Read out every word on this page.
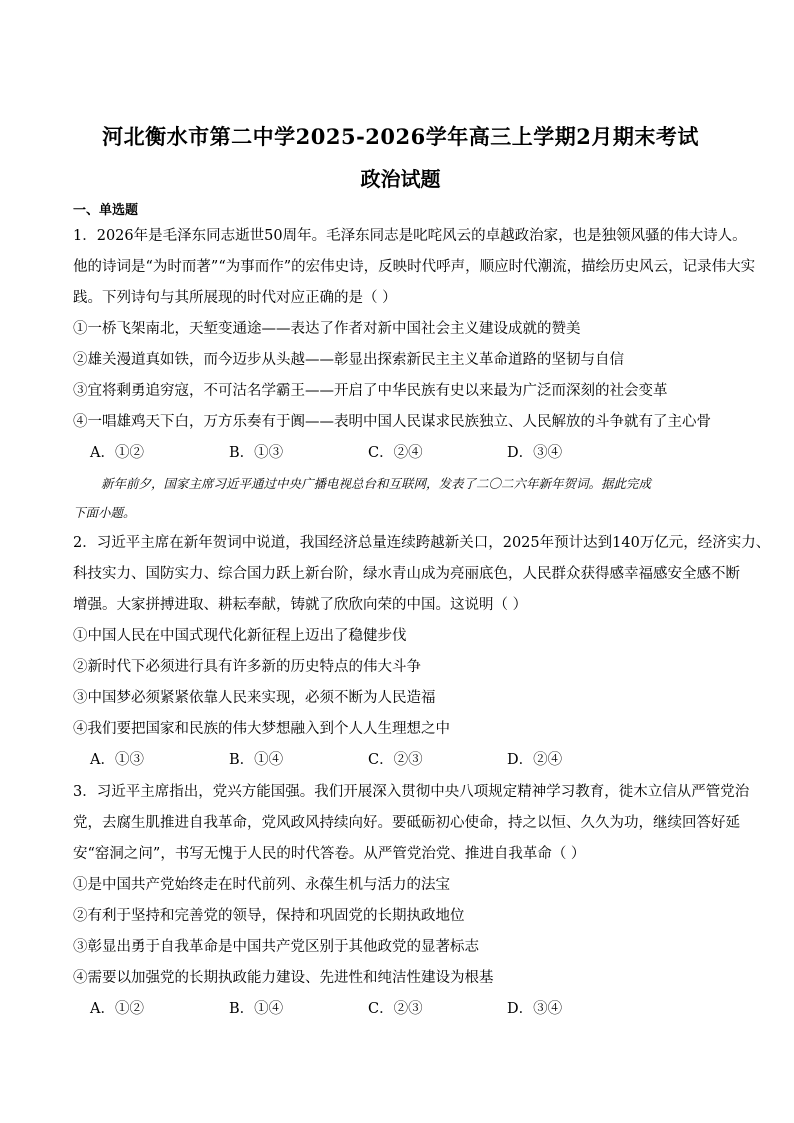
河北衡水市第二中学2025-2026学年高三上学期2月期末考试
政治试题
一、单选题

1．2026年是毛泽东同志逝世50周年。毛泽东同志是叱咤风云的卓越政治家，也是独领风骚的伟大诗人。

他的诗词是“为时而著”“为事而作”的宏伟史诗，反映时代呼声，顺应时代潮流，描绘历史风云，记录伟大实

践。下列诗句与其所展现的时代对应正确的是（ ）

①一桥飞架南北，天堑变通途——表达了作者对新中国社会主义建设成就的赞美

②雄关漫道真如铁，而今迈步从头越——彰显出探索新民主主义革命道路的坚韧与自信

③宜将剩勇追穷寇，不可沽名学霸王——开启了中华民族有史以来最为广泛而深刻的社会变革

④一唱雄鸡天下白，万方乐奏有于阗——表明中国人民谋求民族独立、人民解放的斗争就有了主心骨

A．①②	B．①③	C．②④	D．③④

新年前夕，国家主席习近平通过中央广播电视总台和互联网，发表了二〇二六年新年贺词。据此完成

下面小题。

2．习近平主席在新年贺词中说道，我国经济总量连续跨越新关口，2025年预计达到140万亿元，经济实力、

科技实力、国防实力、综合国力跃上新台阶，绿水青山成为亮丽底色，人民群众获得感幸福感安全感不断

增强。大家拼搏进取、耕耘奉献，铸就了欣欣向荣的中国。这说明（ ）

①中国人民在中国式现代化新征程上迈出了稳健步伐

②新时代下必须进行具有许多新的历史特点的伟大斗争

③中国梦必须紧紧依靠人民来实现，必须不断为人民造福

④我们要把国家和民族的伟大梦想融入到个人人生理想之中

A．①③	B．①④	C．②③	D．②④

3．习近平主席指出，党兴方能国强。我们开展深入贯彻中央八项规定精神学习教育，徙木立信从严管党治

党，去腐生肌推进自我革命，党风政风持续向好。要砥砺初心使命，持之以恒、久久为功，继续回答好延

安“窑洞之问”，书写无愧于人民的时代答卷。从严管党治党、推进自我革命（ ）

①是中国共产党始终走在时代前列、永葆生机与活力的法宝

②有利于坚持和完善党的领导，保持和巩固党的长期执政地位

③彰显出勇于自我革命是中国共产党区别于其他政党的显著标志

④需要以加强党的长期执政能力建设、先进性和纯洁性建设为根基

A．①②	B．①④	C．②③	D．③④
